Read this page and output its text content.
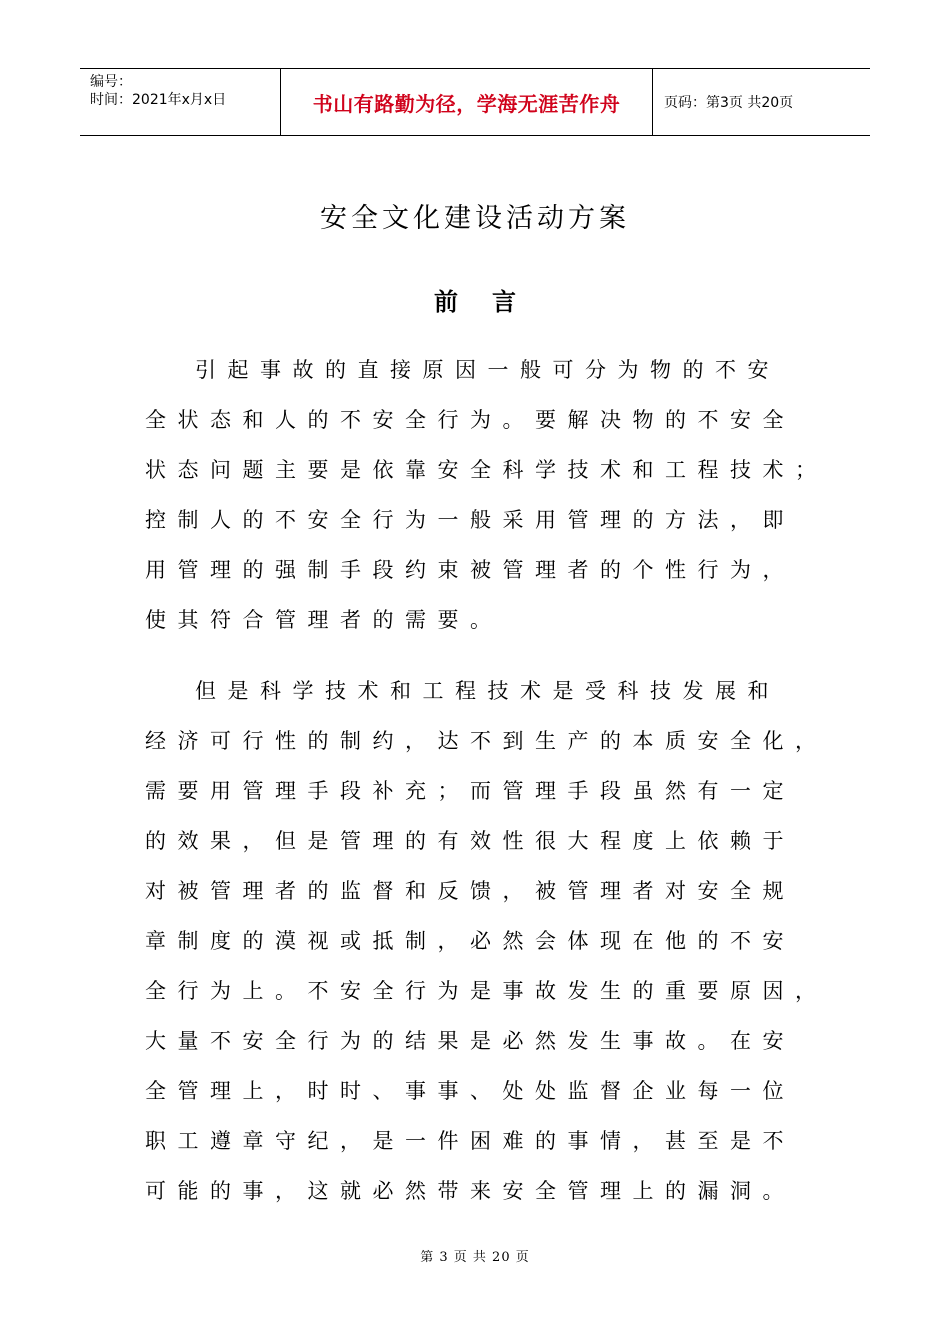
编号：
时间：2021年x月x日	书山有路勤为径，学海无涯苦作舟	页码：第3页 共20页
安全文化建设活动方案
前言
引起事故的直接原因一般可分为物的不安
全状态和人的不安全行为。要解决物的不安全
状态问题主要是依靠安全科学技术和工程技术；
控制人的不安全行为一般采用管理的方法，即
用管理的强制手段约束被管理者的个性行为，
使其符合管理者的需要。
但是科学技术和工程技术是受科技发展和
经济可行性的制约，达不到生产的本质安全化，
需要用管理手段补充；而管理手段虽然有一定
的效果，但是管理的有效性很大程度上依赖于
对被管理者的监督和反馈，被管理者对安全规
章制度的漠视或抵制，必然会体现在他的不安
全行为上。不安全行为是事故发生的重要原因，
大量不安全行为的结果是必然发生事故。在安
全管理上，时时、事事、处处监督企业每一位
职工遵章守纪，是一件困难的事情，甚至是不
可能的事，这就必然带来安全管理上的漏洞。
第 3 页 共 20 页
